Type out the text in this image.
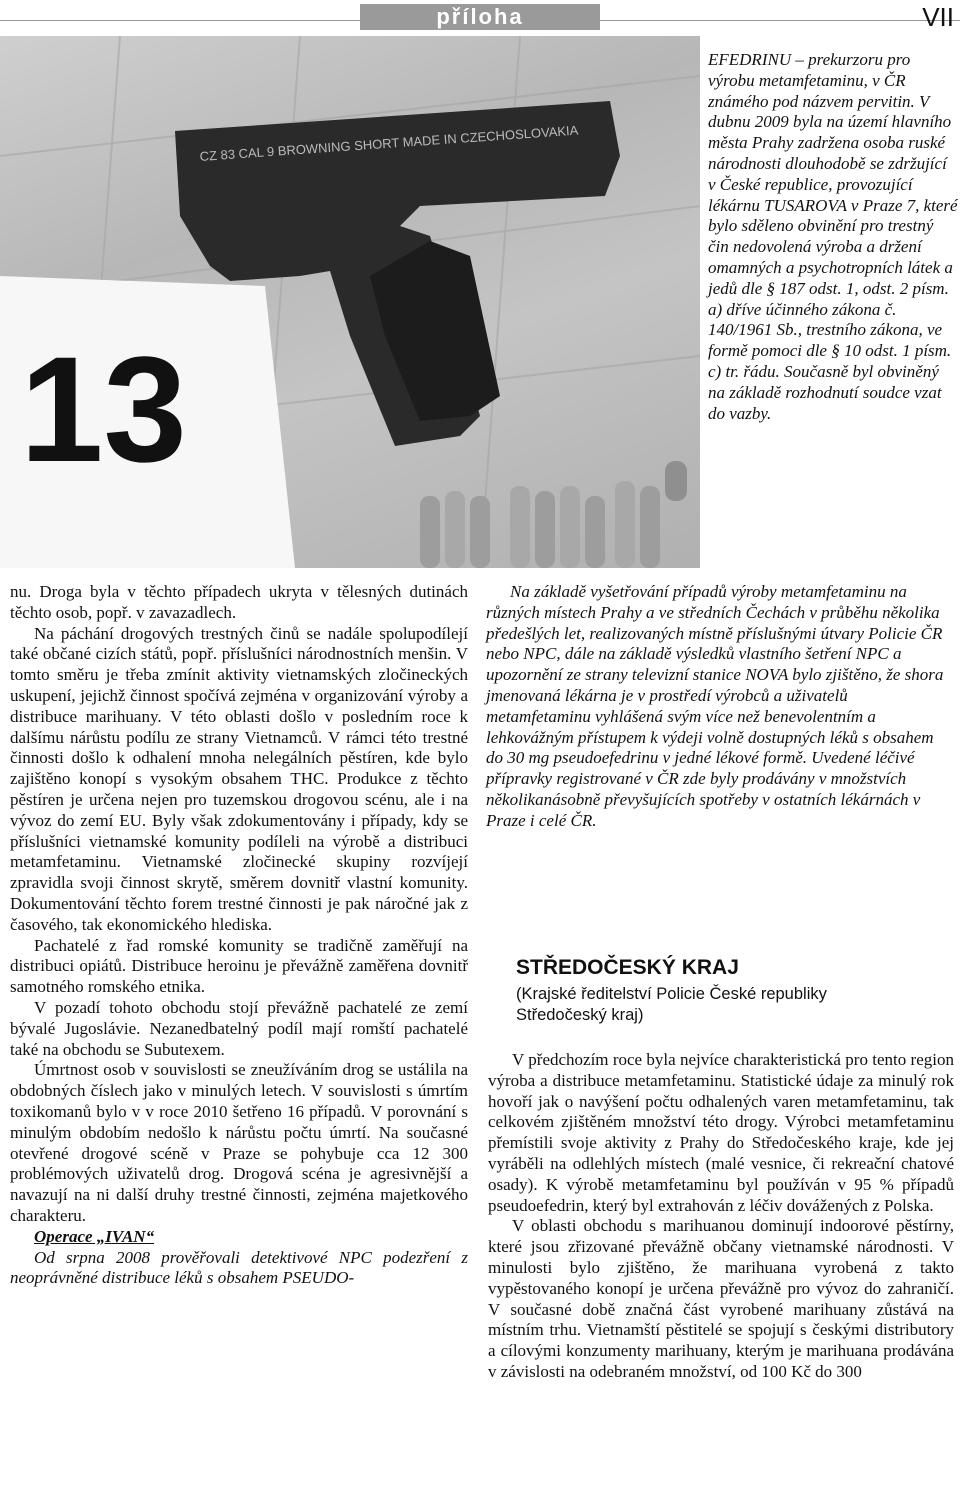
příloha	VII
13
CZ 83 CAL 9 BROWNING SHORT MADE IN CZECHOSLOVAKIA
EFEDRINU – prekurzoru pro výrobu metamfetaminu, v ČR známého pod názvem pervitin. V dubnu 2009 byla na území hlavního města Prahy zadržena osoba ruské národnosti dlouhodobě se zdržující v České republice, provozující lékárnu TUSAROVA v Praze 7, které bylo sděleno obvinění pro trestný čin nedovolená výroba a držení omamných a psychotropních látek a jedů dle § 187 odst. 1, odst. 2 písm. a) dříve účinného zákona č. 140/1961 Sb., trestního zákona, ve formě pomoci dle § 10 odst. 1 písm. c) tr. řádu. Současně byl obviněný na základě rozhodnutí soudce vzat do vazby.

nu. Droga byla v těchto případech ukryta v tělesných dutinách těchto osob, popř. v zavazadlech.

Na páchání drogových trestných činů se nadále spolupodílejí také občané cizích států, popř. příslušníci národnostních menšin. V tomto směru je třeba zmínit aktivity vietnamských zločineckých uskupení, jejichž činnost spočívá zejména v organizování výroby a distribuce marihuany. V této oblasti došlo v posledním roce k dalšímu nárůstu podílu ze strany Vietnamců. V rámci této trestné činnosti došlo k odhalení mnoha nelegálních pěstíren, kde bylo zajištěno konopí s vysokým obsahem THC. Produkce z těchto pěstíren je určena nejen pro tuzemskou drogovou scénu, ale i na vývoz do zemí EU. Byly však zdokumentovány i případy, kdy se příslušníci vietnamské komunity podíleli na výrobě a distribuci metamfetaminu. Vietnamské zločinecké skupiny rozvíjejí zpravidla svoji činnost skrytě, směrem dovnitř vlastní komunity. Dokumentování těchto forem trestné činnosti je pak náročné jak z časového, tak ekonomického hlediska.

Pachatelé z řad romské komunity se tradičně zaměřují na distribuci opiátů. Distribuce heroinu je převážně zaměřena dovnitř samotného romského etnika.

V pozadí tohoto obchodu stojí převážně pachatelé ze zemí bývalé Jugoslávie. Nezanedbatelný podíl mají romští pachatelé také na obchodu se Subutexem.

Úmrtnost osob v souvislosti se zneužíváním drog se ustálila na obdobných číslech jako v minulých letech. V souvislosti s úmrtím toxikomanů bylo v v roce 2010 šetřeno 16 případů. V porovnání s minulým obdobím nedošlo k nárůstu počtu úmrtí. Na současné otevřené drogové scéně v Praze se pohybuje cca 12 300 problémových uživatelů drog. Drogová scéna je agresivnější a navazují na ni další druhy trestné činnosti, zejména majetkového charakteru.

Operace „IVAN“

Od srpna 2008 prověřovali detektivové NPC podezření z neoprávněné distribuce léků s obsahem PSEUDO-

Na základě vyšetřování případů výroby metamfetaminu na různých místech Prahy a ve středních Čechách v průběhu několika předešlých let, realizovaných místně příslušnými útvary Policie ČR nebo NPC, dále na základě výsledků vlastního šetření NPC a upozornění ze strany televizní stanice NOVA bylo zjištěno, že shora jmenovaná lékárna je v prostředí výrobců a uživatelů metamfetaminu vyhlášená svým více než benevolentním a lehkovážným přístupem k výdeji volně dostupných léků s obsahem do 30 mg pseudoefedrinu v jedné lékové formě. Uvedené léčivé přípravky registrované v ČR zde byly prodávány v množstvích několikanásobně převyšujících spotřeby v ostatních lékárnách v Praze i celé ČR.
STŘEDOČESKÝ KRAJ
(Krajské ředitelství Policie České republiky
Středočeský kraj)

V předchozím roce byla nejvíce charakteristická pro tento region výroba a distribuce metamfetaminu. Statistické údaje za minulý rok hovoří jak o navýšení počtu odhalených varen metamfetaminu, tak celkovém zjištěném množství této drogy. Výrobci metamfetaminu přemístili svoje aktivity z Prahy do Středočeského kraje, kde jej vyráběli na odlehlých místech (malé vesnice, či rekreační chatové osady). K výrobě metamfetaminu byl používán v 95 % případů pseudoefedrin, který byl extrahován z léčiv dovážených z Polska.

V oblasti obchodu s marihuanou dominují indoorové pěstírny, které jsou zřizované převážně občany vietnamské národnosti. V minulosti bylo zjištěno, že marihuana vyrobená z takto vypěstovaného konopí je určena převážně pro vývoz do zahraničí. V současné době značná část vyrobené marihuany zůstává na místním trhu. Vietnamští pěstitelé se spojují s českými distributory a cílovými konzumenty marihuany, kterým je marihuana prodávána v závislosti na odebraném množství, od 100 Kč do 300
